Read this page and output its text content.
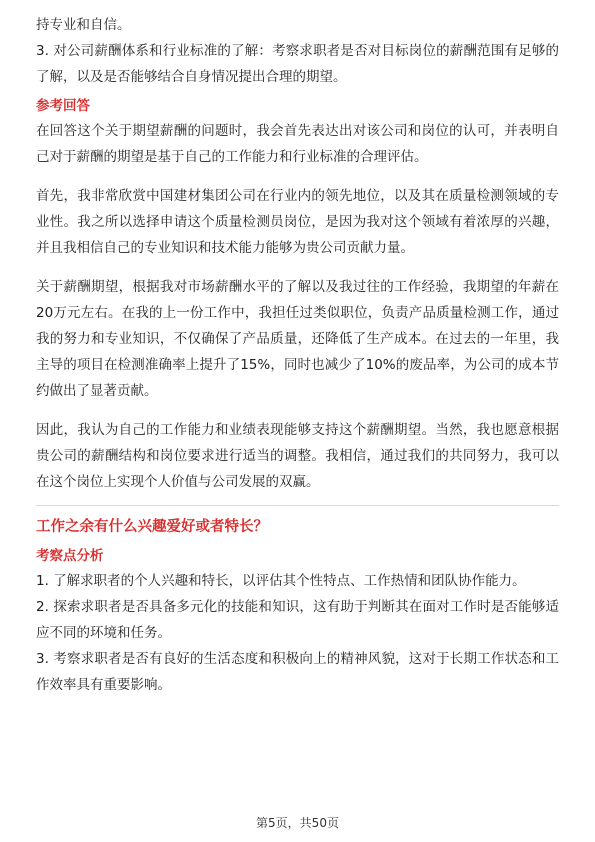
持专业和自信。

3. 对公司薪酬体系和行业标准的了解：考察求职者是否对目标岗位的薪酬范围有足够的了解，以及是否能够结合自身情况提出合理的期望。

参考回答

在回答这个关于期望薪酬的问题时，我会首先表达出对该公司和岗位的认可，并表明自己对于薪酬的期望是基于自己的工作能力和行业标准的合理评估。

首先，我非常欣赏中国建材集团公司在行业内的领先地位，以及其在质量检测领域的专业性。我之所以选择申请这个质量检测员岗位，是因为我对这个领域有着浓厚的兴趣，并且我相信自己的专业知识和技术能力能够为贵公司贡献力量。

关于薪酬期望，根据我对市场薪酬水平的了解以及我过往的工作经验，我期望的年薪在20万元左右。在我的上一份工作中，我担任过类似职位，负责产品质量检测工作，通过我的努力和专业知识，不仅确保了产品质量，还降低了生产成本。在过去的一年里，我主导的项目在检测准确率上提升了15%，同时也减少了10%的废品率，为公司的成本节约做出了显著贡献。

因此，我认为自己的工作能力和业绩表现能够支持这个薪酬期望。当然，我也愿意根据贵公司的薪酬结构和岗位要求进行适当的调整。我相信，通过我们的共同努力，我可以在这个岗位上实现个人价值与公司发展的双赢。

工作之余有什么兴趣爱好或者特长？

考察点分析

1. 了解求职者的个人兴趣和特长，以评估其个性特点、工作热情和团队协作能力。

2. 探索求职者是否具备多元化的技能和知识，这有助于判断其在面对工作时是否能够适应不同的环境和任务。

3. 考察求职者是否有良好的生活态度和积极向上的精神风貌，这对于长期工作状态和工作效率具有重要影响。

第5页，共50页
